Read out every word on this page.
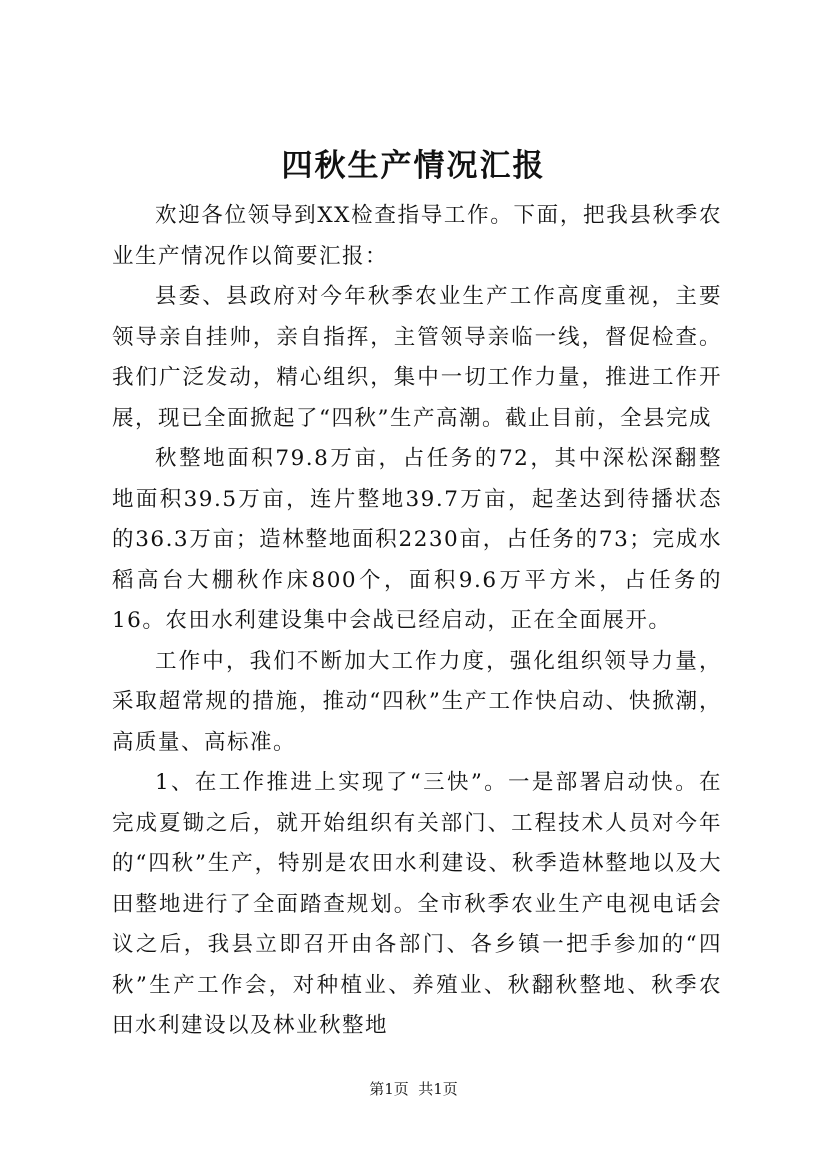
四秋生产情况汇报

欢迎各位领导到XX检查指导工作。下面，把我县秋季农业生产情况作以简要汇报：

县委、县政府对今年秋季农业生产工作高度重视，主要领导亲自挂帅，亲自指挥，主管领导亲临一线，督促检查。我们广泛发动，精心组织，集中一切工作力量，推进工作开展，现已全面掀起了“四秋”生产高潮。截止目前，全县完成

秋整地面积79.8万亩，占任务的72，其中深松深翻整地面积39.5万亩，连片整地39.7万亩，起垄达到待播状态的36.3万亩；造林整地面积2230亩，占任务的73；完成水稻高台大棚秋作床800个，面积9.6万平方米，占任务的16。农田水利建设集中会战已经启动，正在全面展开。

工作中，我们不断加大工作力度，强化组织领导力量，采取超常规的措施，推动“四秋”生产工作快启动、快掀潮，高质量、高标准。

1、在工作推进上实现了“三快”。一是部署启动快。在完成夏锄之后，就开始组织有关部门、工程技术人员对今年的“四秋”生产，特别是农田水利建设、秋季造林整地以及大田整地进行了全面踏查规划。全市秋季农业生产电视电话会议之后，我县立即召开由各部门、各乡镇一把手参加的“四秋”生产工作会，对种植业、养殖业、秋翻秋整地、秋季农田水利建设以及林业秋整地

第1页  共1页
